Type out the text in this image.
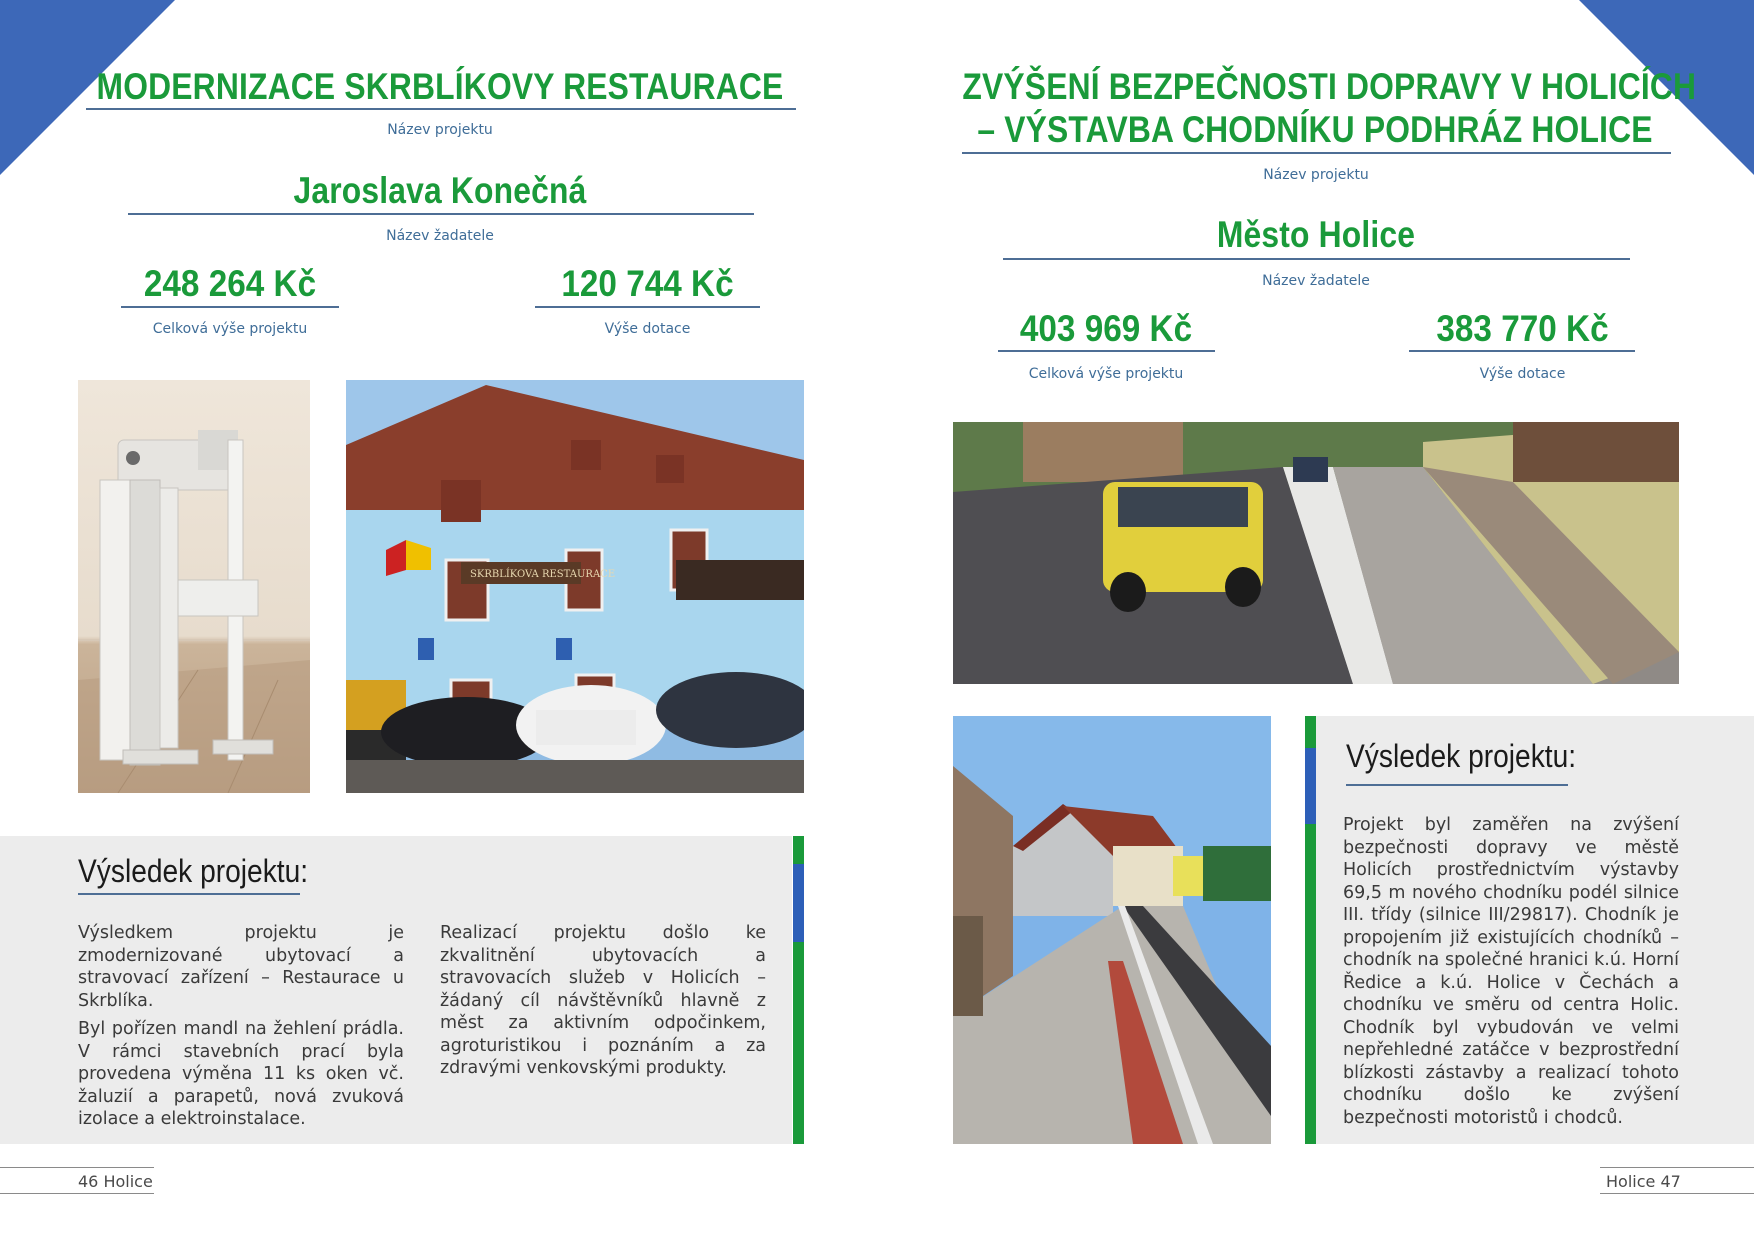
MODERNIZACE SKRBLÍKOVY RESTAURACE
Název projektu
Jaroslava Konečná
Název žadatele
248 264 Kč
Celková výše projektu
120 744 Kč
Výše dotace
SKRBLÍKOVA RESTAURACE
Výsledek projektu:

Výsledkem projektu je zmodernizované ubytovací a stravovací zařízení – Restaurace u Skrblíka.

Byl pořízen mandl na žehlení prádla. V rámci stavebních prací byla provedena výměna 11 ks oken vč. žaluzií a parapetů, nová zvuková izolace a elektroinstalace.

Realizací projektu došlo ke zkvalitnění ubytovacích a stravovacích služeb v Holicích – žádaný cíl návštěvníků hlavně z měst za aktivním odpočinkem, agroturistikou i poznáním a za zdravými venkovskými produkty.

46 Holice
ZVÝŠENÍ BEZPEČNOSTI DOPRAVY V HOLICÍCH
– VÝSTAVBA CHODNÍKU PODHRÁZ HOLICE
Název projektu
Město Holice
Název žadatele
403 969 Kč
Celková výše projektu
383 770 Kč
Výše dotace
Výsledek projektu:

Projekt byl zaměřen na zvýšení bezpečnosti dopravy ve městě Holicích prostřednictvím výstavby 69,5 m nového chodníku podél silnice III. třídy (silnice III/29817). Chodník je propojením již existujících chodníků – chodník na společné hranici k.ú. Horní Ředice a k.ú. Holice v Čechách a chodníku ve směru od centra Holic. Chodník byl vybudován ve velmi nepřehledné zatáčce v bezprostřední blízkosti zástavby a realizací tohoto chodníku došlo ke zvýšení bezpečnosti motoristů i chodců.

Holice 47
